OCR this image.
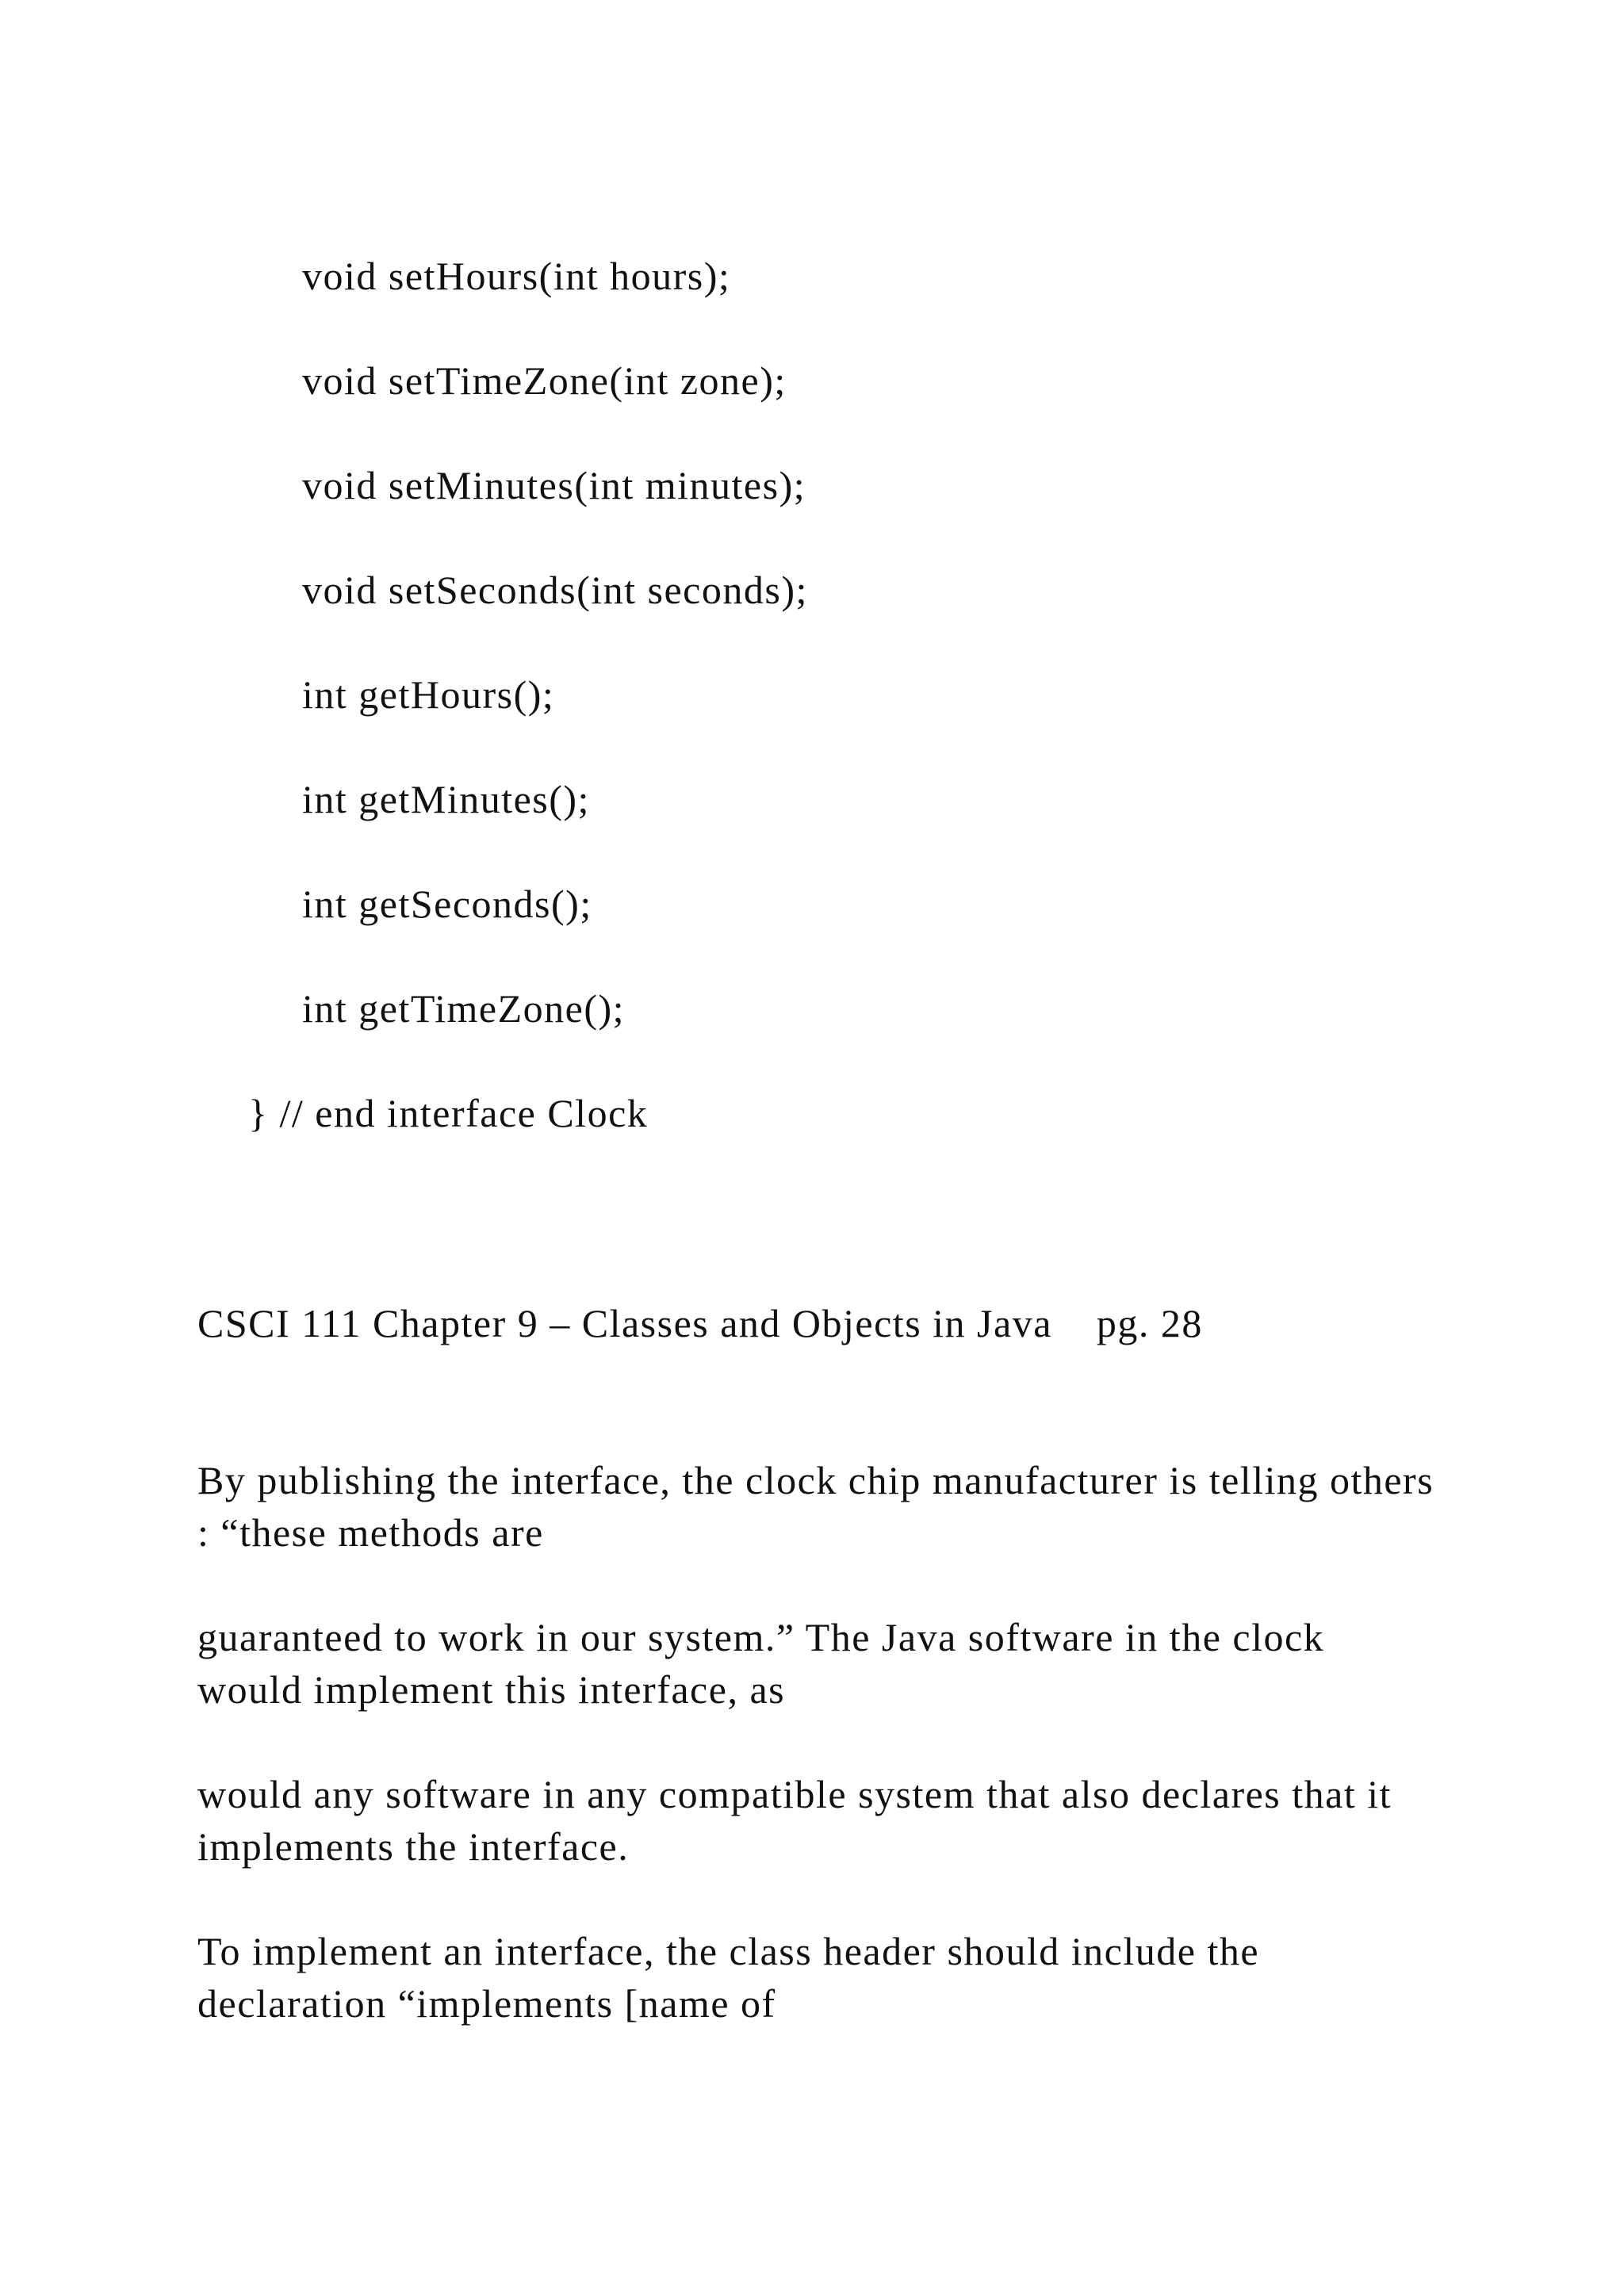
void setHours(int hours);

void setTimeZone(int zone);

void setMinutes(int minutes);

void setSeconds(int seconds);

int getHours();

int getMinutes();

int getSeconds();

int getTimeZone();

} // end interface Clock

CSCI 111 Chapter 9 – Classes and Objects in Java    pg. 28

By publishing the interface, the clock chip manufacturer is telling others : “these methods are

guaranteed to work in our system.” The Java software in the clock would implement this interface, as

would any software in any compatible system that also declares that it implements the interface.

To implement an interface, the class header should include the declaration “implements [name of
